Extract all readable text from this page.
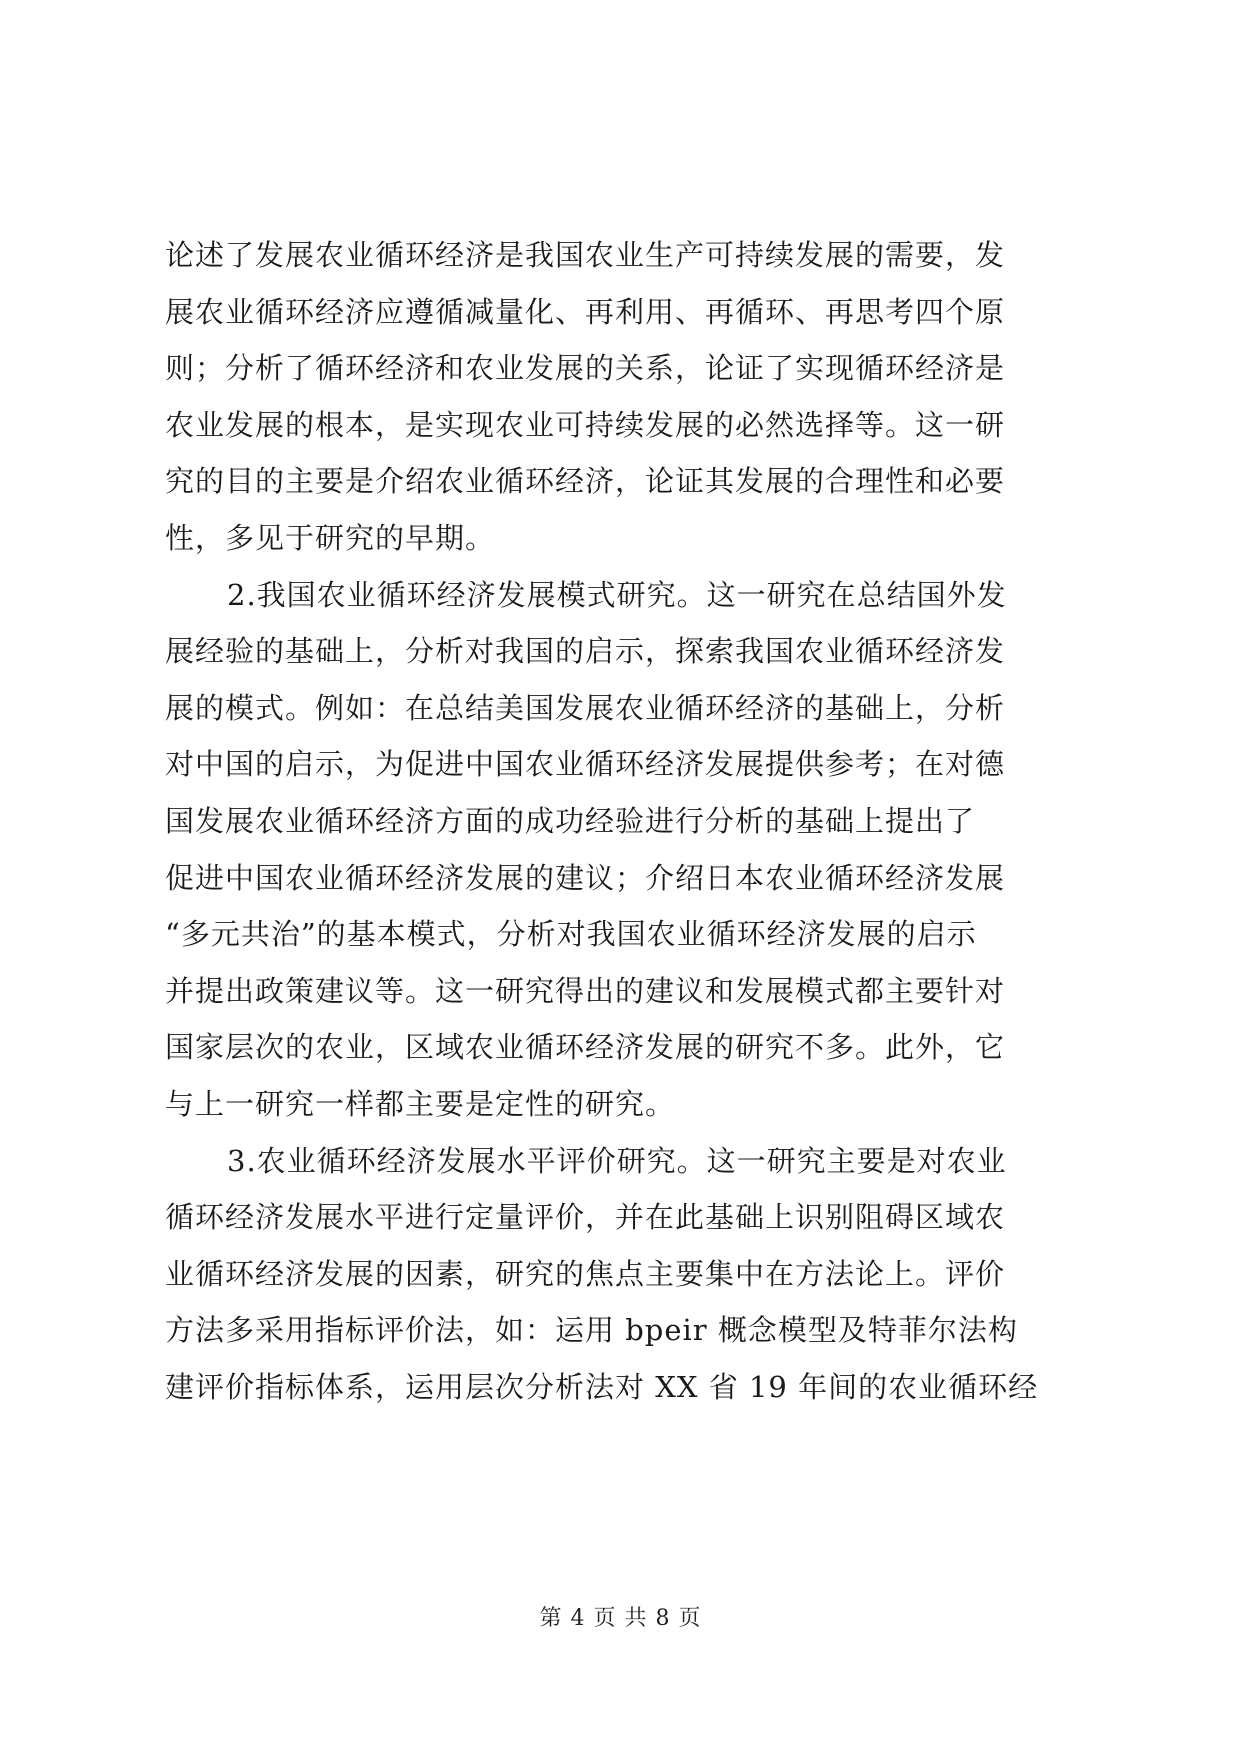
论述了发展农业循环经济是我国农业生产可持续发展的需要，发
展农业循环经济应遵循减量化、再利用、再循环、再思考四个原
则；分析了循环经济和农业发展的关系，论证了实现循环经济是
农业发展的根本，是实现农业可持续发展的必然选择等。这一研
究的目的主要是介绍农业循环经济，论证其发展的合理性和必要
性，多见于研究的早期。
2.我国农业循环经济发展模式研究。这一研究在总结国外发
展经验的基础上，分析对我国的启示，探索我国农业循环经济发
展的模式。例如：在总结美国发展农业循环经济的基础上，分析
对中国的启示，为促进中国农业循环经济发展提供参考；在对德
国发展农业循环经济方面的成功经验进行分析的基础上提出了
促进中国农业循环经济发展的建议；介绍日本农业循环经济发展
“多元共治”的基本模式，分析对我国农业循环经济发展的启示
并提出政策建议等。这一研究得出的建议和发展模式都主要针对
国家层次的农业，区域农业循环经济发展的研究不多。此外，它
与上一研究一样都主要是定性的研究。
3.农业循环经济发展水平评价研究。这一研究主要是对农业
循环经济发展水平进行定量评价，并在此基础上识别阻碍区域农
业循环经济发展的因素，研究的焦点主要集中在方法论上。评价
方法多采用指标评价法，如：运用 bpeir 概念模型及特菲尔法构
建评价指标体系，运用层次分析法对 XX 省 19 年间的农业循环经
第 4 页 共 8 页
